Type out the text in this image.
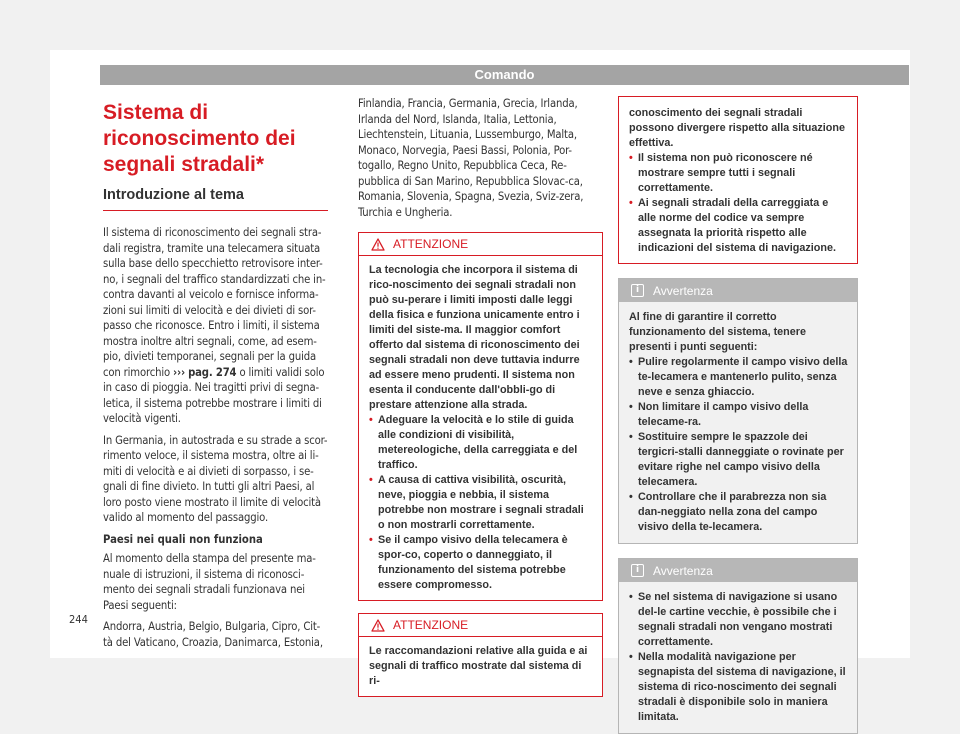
Comando
Sistema di riconoscimento dei
segnali stradali*
Introduzione al tema

Il sistema di riconoscimento dei segnali stra-dali registra, tramite una telecamera situata sulla base dello specchietto retrovisore inter-no, i segnali del traffico standardizzati che in-contra davanti al veicolo e fornisce informa-zioni sui limiti di velocità e dei divieti di sor-passo che riconosce. Entro i limiti, il sistema mostra inoltre altri segnali, come, ad esem-pio, divieti temporanei, segnali per la guida con rimorchio ››› pag. 274 o limiti validi solo in caso di pioggia. Nei tragitti privi di segna-letica, il sistema potrebbe mostrare i limiti di velocità vigenti.

In Germania, in autostrada e su strade a scor-rimento veloce, il sistema mostra, oltre ai li-miti di velocità e ai divieti di sorpasso, i se-gnali di fine divieto. In tutti gli altri Paesi, al loro posto viene mostrato il limite di velocità valido al momento del passaggio.

Paesi nei quali non funziona

Al momento della stampa del presente ma-nuale di istruzioni, il sistema di riconosci-mento dei segnali stradali funzionava nei Paesi seguenti:

Andorra, Austria, Belgio, Bulgaria, Cipro, Cit-tà del Vaticano, Croazia, Danimarca, Estonia,

Finlandia, Francia, Germania, Grecia, Irlanda, Irlanda del Nord, Islanda, Italia, Lettonia, Liechtenstein, Lituania, Lussemburgo, Malta, Monaco, Norvegia, Paesi Bassi, Polonia, Por-togallo, Regno Unito, Repubblica Ceca, Re-pubblica di San Marino, Repubblica Slovac-ca, Romania, Slovenia, Spagna, Svezia, Sviz-zera, Turchia e Ungheria.

ATTENZIONE

La tecnologia che incorpora il sistema di rico-noscimento dei segnali stradali non può su-perare i limiti imposti dalle leggi della fisica e funziona unicamente entro i limiti del siste-ma. Il maggior comfort offerto dal sistema di riconoscimento dei segnali stradali non deve tuttavia indurre ad essere meno prudenti. Il sistema non esenta il conducente dall'obbli-go di prestare attenzione alla strada.

• Adeguare la velocità e lo stile di guida alle condizioni di visibilità, metereologiche, della carreggiata e del traffico.

• A causa di cattiva visibilità, oscurità, neve, pioggia e nebbia, il sistema potrebbe non mostrare i segnali stradali o non mostrarli correttamente.

• Se il campo visivo della telecamera è spor-co, coperto o danneggiato, il funzionamento del sistema potrebbe essere compromesso.

ATTENZIONE

Le raccomandazioni relative alla guida e ai segnali di traffico mostrate dal sistema di ri-

conoscimento dei segnali stradali possono divergere rispetto alla situazione effettiva.

• Il sistema non può riconoscere né mostrare sempre tutti i segnali correttamente.

• Ai segnali stradali della carreggiata e alle norme del codice va sempre assegnata la priorità rispetto alle indicazioni del sistema di navigazione.

i	Avvertenza

Al fine di garantire il corretto funzionamento del sistema, tenere presenti i punti seguenti:

• Pulire regolarmente il campo visivo della te-lecamera e mantenerlo pulito, senza neve e senza ghiaccio.

• Non limitare il campo visivo della telecame-ra.

• Sostituire sempre le spazzole dei tergicri-stalli danneggiate o rovinate per evitare righe nel campo visivo della telecamera.

• Controllare che il parabrezza non sia dan-neggiato nella zona del campo visivo della te-lecamera.

i	Avvertenza

• Se nel sistema di navigazione si usano del-le cartine vecchie, è possibile che i segnali stradali non vengano mostrati correttamente.

• Nella modalità navigazione per segnapista del sistema di navigazione, il sistema di rico-noscimento dei segnali stradali è disponibile solo in maniera limitata.

244
